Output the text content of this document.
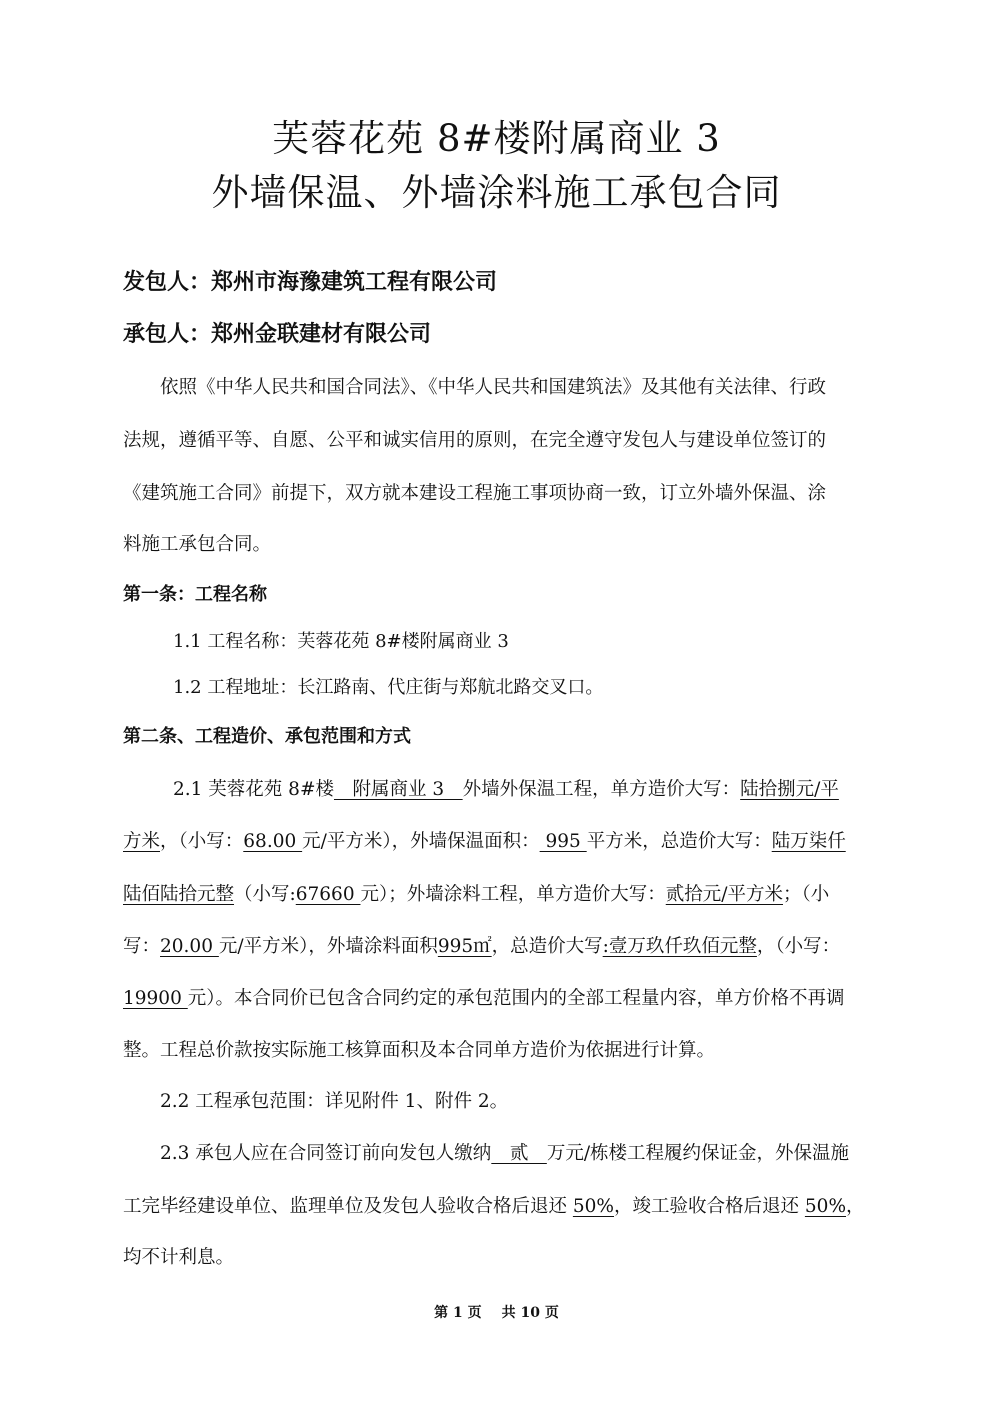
芙蓉花苑 8#楼附属商业 3
外墙保温、外墙涂料施工承包合同
发包人：郑州市海豫建筑工程有限公司
承包人：郑州金联建材有限公司
依照《中华人民共和国合同法》、《中华人民共和国建筑法》及其他有关法律、行政
法规，遵循平等、自愿、公平和诚实信用的原则，在完全遵守发包人与建设单位签订的
《建筑施工合同》前提下，双方就本建设工程施工事项协商一致，订立外墙外保温、涂
料施工承包合同。
第一条：工程名称
1.1 工程名称：芙蓉花苑 8#楼附属商业 3
1.2 工程地址：长江路南、代庄街与郑航北路交叉口。
第二条、工程造价、承包范围和方式
2.1 芙蓉花苑 8#楼　附属商业 3　外墙外保温工程，单方造价大写：陆拾捌元/平
方米，（小写：68.00 元/平方米），外墙保温面积： 995 平方米，总造价大写：陆万柒仟
陆佰陆拾元整（小写:67660 元）；外墙涂料工程，单方造价大写：贰拾元/平方米；（小
写：20.00 元/平方米），外墙涂料面积995㎡，总造价大写:壹万玖仟玖佰元整，（小写：
19900 元）。本合同价已包含合同约定的承包范围内的全部工程量内容，单方价格不再调
整。工程总价款按实际施工核算面积及本合同单方造价为依据进行计算。
2.2 工程承包范围：详见附件 1、附件 2。
2.3 承包人应在合同签订前向发包人缴纳　贰　万元/栋楼工程履约保证金，外保温施
工完毕经建设单位、监理单位及发包人验收合格后退还 50%，竣工验收合格后退还 50%，
均不计利息。
第 1 页 共 10 页
